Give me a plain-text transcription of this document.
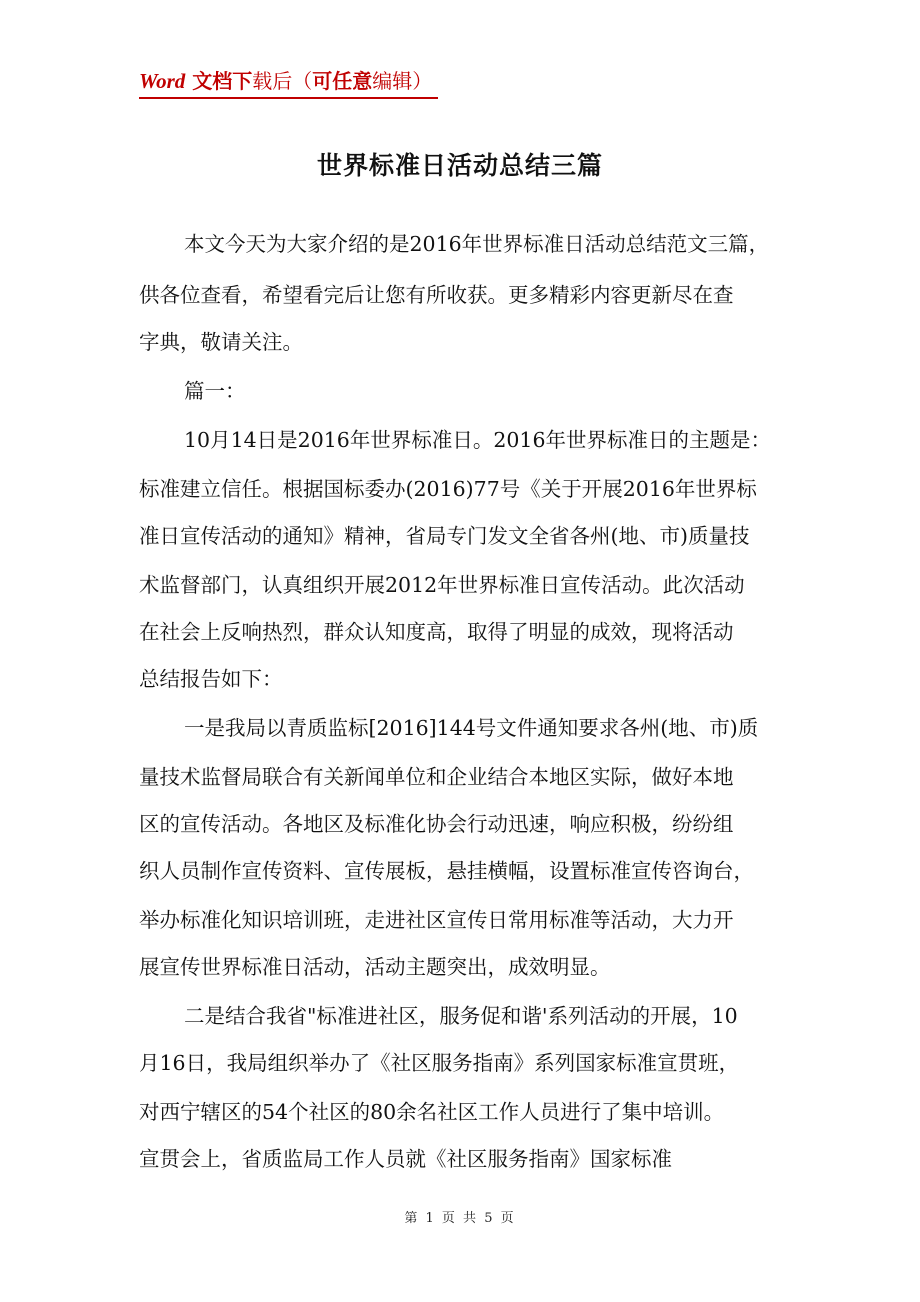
Word 文档下载后（可任意编辑）
世界标准日活动总结三篇
本文今天为大家介绍的是2016年世界标准日活动总结范文三篇，
供各位查看，希望看完后让您有所收获。更多精彩内容更新尽在查
字典，敬请关注。
篇一：
10月14日是2016年世界标准日。2016年世界标准日的主题是：
标准建立信任。根据国标委办(2016)77号《关于开展2016年世界标
准日宣传活动的通知》精神，省局专门发文全省各州(地、市)质量技
术监督部门，认真组织开展2012年世界标准日宣传活动。此次活动
在社会上反响热烈，群众认知度高，取得了明显的成效，现将活动
总结报告如下：
一是我局以青质监标[2016]144号文件通知要求各州(地、市)质
量技术监督局联合有关新闻单位和企业结合本地区实际，做好本地
区的宣传活动。各地区及标准化协会行动迅速，响应积极，纷纷组
织人员制作宣传资料、宣传展板，悬挂横幅，设置标准宣传咨询台，
举办标准化知识培训班，走进社区宣传日常用标准等活动，大力开
展宣传世界标准日活动，活动主题突出，成效明显。
二是结合我省"标准进社区，服务促和谐'系列活动的开展，10
月16日，我局组织举办了《社区服务指南》系列国家标准宣贯班，
对西宁辖区的54个社区的80余名社区工作人员进行了集中培训。
宣贯会上，省质监局工作人员就《社区服务指南》国家标准
第 1 页 共 5 页
